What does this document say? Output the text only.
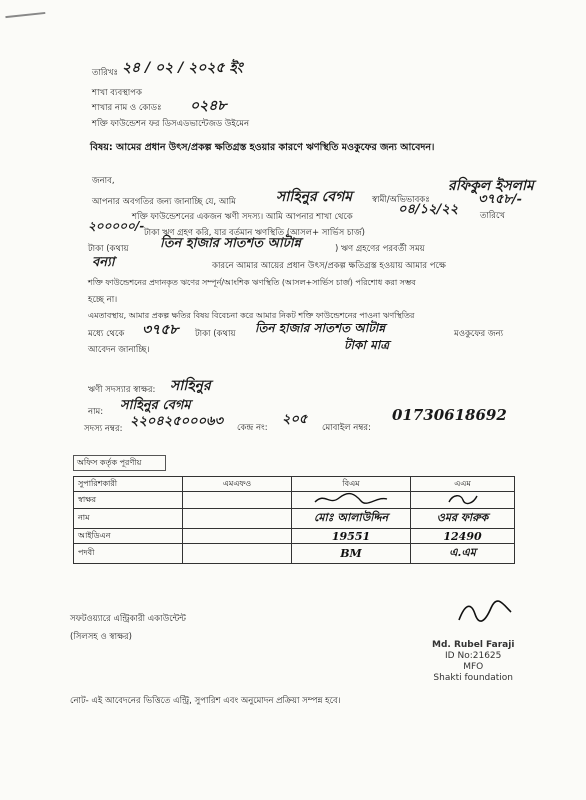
তারিখঃ ২৪ / ০২ / ২০২৫ ইং
শাখা ব্যবস্থাপক
শাখার নাম ও কোডঃ ০২৪৮
শক্তি ফাউন্ডেশন ফর ডিসএডভান্টেজড উইমেন
বিষয়: আমের প্রধান উৎস/প্রকল্প ক্ষতিগ্রস্ত হওয়ার কারণে ঋণস্থিতি মওকুফের জন্য আবেদন।
জনাব,
আপনার অবগতির জন্য জানাচ্ছি যে, আমি	সাহিনুর বেগম স্বামী/অভিভাবকঃ
রফিকুল ইসলাম
শক্তি ফাউন্ডেশনের একজন ঋণী সদস্য। আমি আপনার শাখা থেকে	০৪/১২/২২	তারিখে
৩৭৫৮/-
২০০০০০/- টাকা ঋণ গ্রহণ করি, যার বর্তমান ঋণস্থিতি (আসল+ সার্ভিস চার্জ)
টাকা (কথায় তিন হাজার সাতশত আটান্ন	) ঋণ গ্রহণের পরবর্তী সময়
বন্যা	কারনে আমার আয়ের প্রধান উৎস/প্রকল্প ক্ষতিগ্রস্ত হওয়ায় আমার পক্ষে
শক্তি ফাউন্ডেশনের প্রদানকৃত ঋণের সম্পূর্ন/আংশিক ঋণস্থিতি (আসল+সার্ভিস চার্জ) পরিশোধ করা সম্ভব
হচ্ছে না।
এমতাবস্থায়, আমার প্রকল্প ক্ষতির বিষয় বিবেচনা করে আমার নিকট শক্তি ফাউন্ডেশনের পাওনা ঋণস্থিতির
মধ্যে থেকে ৩৭৫৮ টাকা (কথায় তিন হাজার সাতশত আটান্ন	মওকুফের জন্য
টাকা মাত্র
আবেদন জানাচ্ছি।
ঋণী সদস্যার স্বাক্ষর: সাহিনুর
নাম: সাহিনুর বেগম
সদস্য নম্বর: ২২০৪২৫০০০৬৩ কেন্দ্র নং:
২০৫
মোবাইল নম্বর:
01730618692
অফিস কর্তৃক পূরণীয়
সুপারিশকারী	এমএফও	বিএম	এএম
স্বাক্ষর			
নাম		মোঃ আলাউদ্দিন	ওমর ফারুক
আইডিএন		19551	12490
পদবী		BM	এ.এম
সফটওয়্যারে এন্ট্রিকারী একাউন্টেন্ট
(সিলসহ ও স্বাক্ষর)
Md. Rubel Faraji
ID No:21625
MFO
Shakti foundation
নোট- এই আবেদনের ভিত্তিতে এন্ট্রি, সুপারিশ এবং অনুমোদন প্রক্রিয়া সম্পন্ন হবে।
